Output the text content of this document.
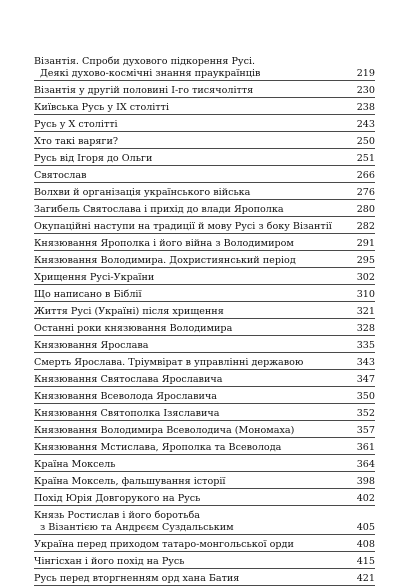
Візантія. Спроби духового підкорення Русі.
Деякі духово-космічні знання праукраїнців	219
Візантія у другій половині І-го тисячоліття	230
Київська Русь у ІХ столітті	238
Русь у Х столітті	243
Хто такі варяги?	250
Русь від Ігоря до Ольги	251
Святослав	266
Волхви й організація українського війська	276
Загибель Святослава і прихід до влади Ярополка	280
Окупаційні наступи на традиції й мову Русі з боку Візантії	282
Князювання Ярополка і його війна з Володимиром	291
Князювання Володимира. Дохристиянський період	295
Хрищення Русі-України	302
Що написано в Біблії	310
Життя Русі (Україні) після хрищення	321
Останні роки князювання Володимира	328
Князювання Ярослава	335
Смерть Ярослава. Тріумвірат в управлінні державою	343
Князювання Святослава Ярославича	347
Князювання Всеволода Ярославича	350
Князювання Святополка Ізяславича	352
Князювання Володимира Всеволодича (Мономаха)	357
Князювання Мстислава, Ярополка та Всеволода	361
Країна Моксель	364
Країна Моксель, фальшування історії	398
Похід Юрія Довгорукого на Русь	402
Князь Ростислав і його боротьба
з Візантією та Андрєєм Суздальським	405
Україна перед приходом татаро-монгольської орди	408
Чінгісхан і його похід на Русь	415
Русь перед вторгненням орд хана Батия	421
